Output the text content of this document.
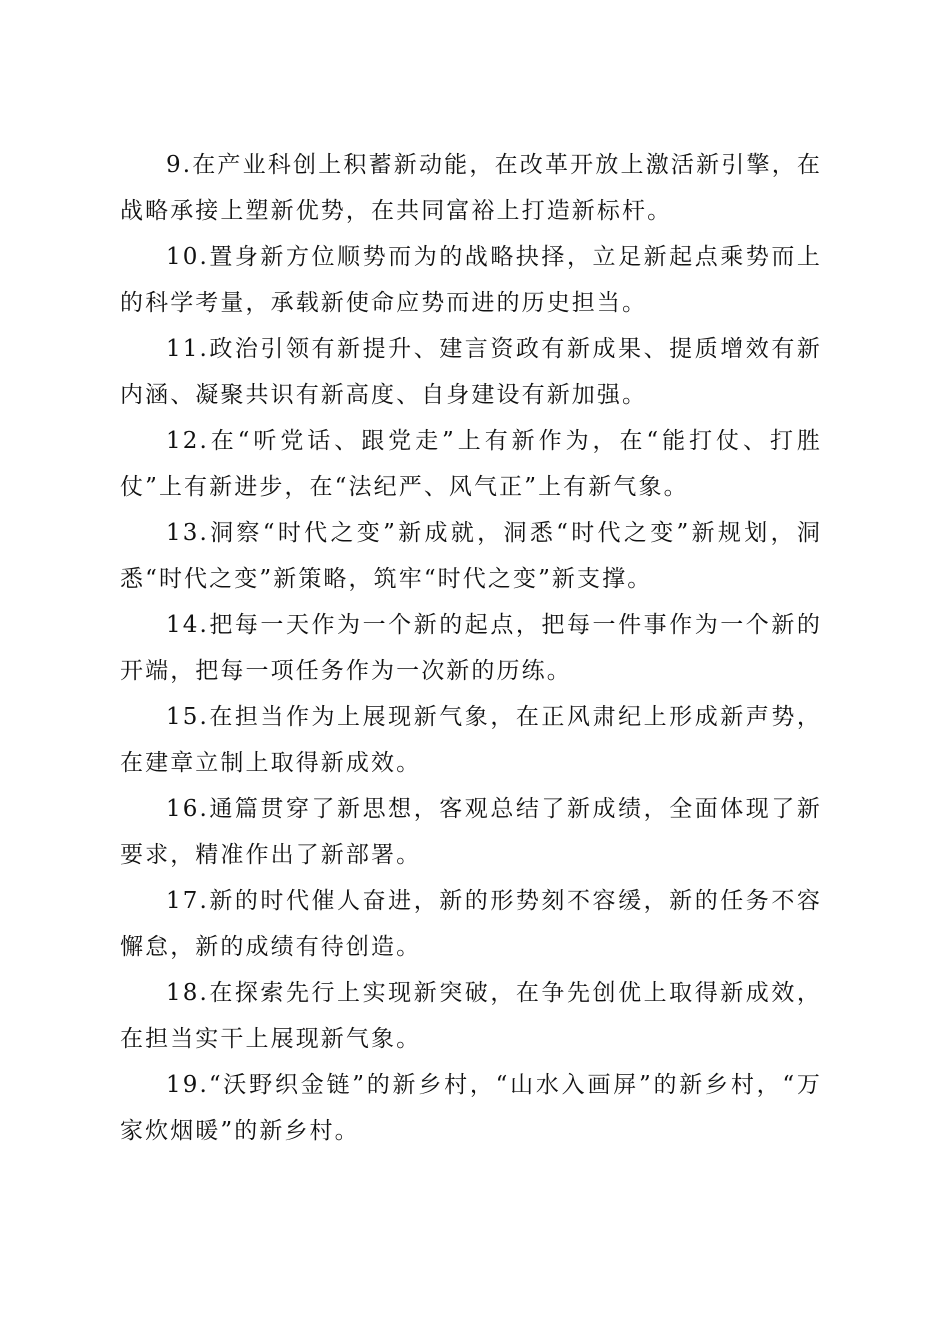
9.在产业科创上积蓄新动能，在改革开放上激活新引擎，在战略承接上塑新优势，在共同富裕上打造新标杆。

10.置身新方位顺势而为的战略抉择，立足新起点乘势而上的科学考量，承载新使命应势而进的历史担当。

11.政治引领有新提升、建言资政有新成果、提质增效有新内涵、凝聚共识有新高度、自身建设有新加强。

12.在“听党话、跟党走”上有新作为，在“能打仗、打胜仗”上有新进步，在“法纪严、风气正”上有新气象。

13.洞察“时代之变”新成就，洞悉“时代之变”新规划，洞悉“时代之变”新策略，筑牢“时代之变”新支撑。

14.把每一天作为一个新的起点，把每一件事作为一个新的开端，把每一项任务作为一次新的历练。

15.在担当作为上展现新气象，在正风肃纪上形成新声势，在建章立制上取得新成效。

16.通篇贯穿了新思想，客观总结了新成绩，全面体现了新要求，精准作出了新部署。

17.新的时代催人奋进，新的形势刻不容缓，新的任务不容懈怠，新的成绩有待创造。

18.在探索先行上实现新突破，在争先创优上取得新成效，在担当实干上展现新气象。

19.“沃野织金链”的新乡村，“山水入画屏”的新乡村，“万家炊烟暖”的新乡村。
